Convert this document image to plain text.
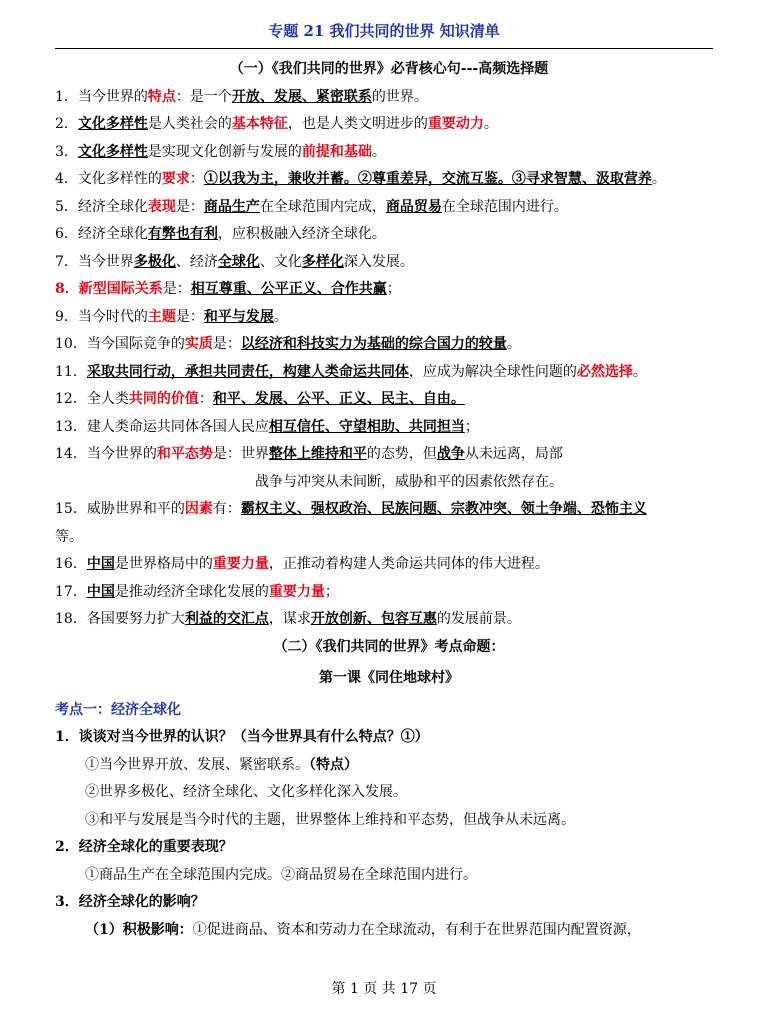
专题 21 我们共同的世界 知识清单
（一）《我们共同的世界》必背核心句---高频选择题
1．当今世界的特点：是一个开放、发展、紧密联系的世界。
2．文化多样性是人类社会的基本特征，也是人类文明进步的重要动力。
3．文化多样性是实现文化创新与发展的前提和基础。
4．文化多样性的要求：①以我为主，兼收并蓄。②尊重差异，交流互鉴。③寻求智慧、汲取营养。
5．经济全球化表现是：商品生产在全球范围内完成，商品贸易在全球范围内进行。
6．经济全球化有弊也有利，应积极融入经济全球化。
7．当今世界多极化、经济全球化、文化多样化深入发展。
8．新型国际关系是：相互尊重、公平正义、合作共赢；
9．当今时代的主题是：和平与发展。
10．当今国际竞争的实质是：以经济和科技实力为基础的综合国力的较量。
11．采取共同行动，承担共同责任，构建人类命运共同体，应成为解决全球性问题的必然选择。
12．全人类共同的价值：和平、发展、公平、正义、民主、自由。
13．建人类命运共同体各国人民应相互信任、守望相助、共同担当；
14．当今世界的和平态势是：世界整体上维持和平的态势，但战争从未远离，局部
战争与冲突从未间断，威胁和平的因素依然存在。
15．威胁世界和平的因素有：霸权主义、强权政治、民族问题、宗教冲突、领土争端、恐怖主义
等。
16．中国是世界格局中的重要力量，正推动着构建人类命运共同体的伟大进程。
17．中国是推动经济全球化发展的重要力量；
18．各国要努力扩大利益的交汇点，谋求开放创新、包容互惠的发展前景。
（二）《我们共同的世界》考点命题：
第一课《同住地球村》
考点一：经济全球化
1．谈谈对当今世界的认识？（当今世界具有什么特点？①）
①当今世界开放、发展、紧密联系。（特点）
②世界多极化、经济全球化、文化多样化深入发展。
③和平与发展是当今时代的主题，世界整体上维持和平态势，但战争从未远离。
2．经济全球化的重要表现？
①商品生产在全球范围内完成。②商品贸易在全球范围内进行。
3．经济全球化的影响？
（1）积极影响：①促进商品、资本和劳动力在全球流动，有利于在世界范围内配置资源，
第 1 页 共 17 页
